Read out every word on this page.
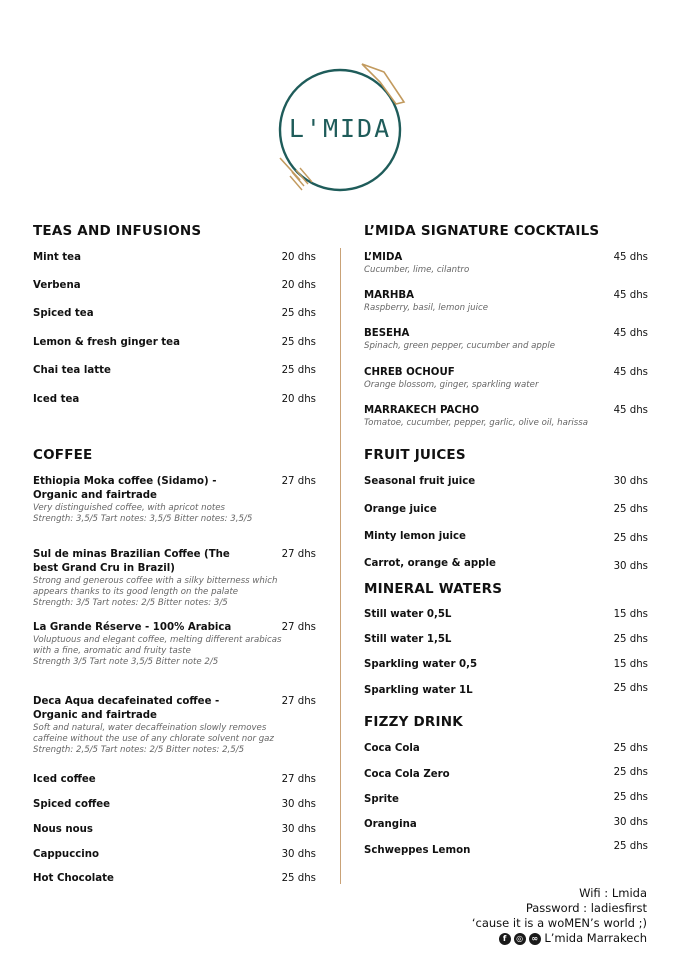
L'MIDA
TEAS AND INFUSIONS
Mint tea	20 dhs
Verbena	20 dhs
Spiced tea	25 dhs
Lemon & fresh ginger tea	25 dhs
Chai tea latte	25 dhs
Iced tea	20 dhs
COFFEE
Ethiopia Moka coffee (Sidamo) - Organic and fairtrade
27 dhs
Very distinguished coffee, with apricot notes
Strength: 3,5/5 Tart notes: 3,5/5 Bitter notes: 3,5/5
Sul de minas Brazilian Coffee (The best Grand Cru in Brazil)
27 dhs
Strong and generous coffee with a silky bitterness which appears thanks to its good length on the palate
Strength: 3/5 Tart notes: 2/5 Bitter notes: 3/5
La Grande Réserve - 100% Arabica	27 dhs
Voluptuous and elegant coffee, melting different arabicas with a fine, aromatic and fruity taste
Strength 3/5 Tart note 3,5/5 Bitter note 2/5
Deca Aqua decafeinated coffee - Organic and fairtrade
27 dhs
Soft and natural, water decaffeination slowly removes caffeine without the use of any chlorate solvent nor gaz
Strength: 2,5/5 Tart notes: 2/5 Bitter notes: 2,5/5
Iced coffee	27 dhs
Spiced coffee	30 dhs
Nous nous	30 dhs
Cappuccino	30 dhs
Hot Chocolate	25 dhs
L’MIDA SIGNATURE COCKTAILS
L’MIDA	45 dhs
Cucumber, lime, cilantro
MARHBA	45 dhs
Raspberry, basil, lemon juice
BESEHA	45 dhs
Spinach, green pepper, cucumber and apple
CHREB OCHOUF	45 dhs
Orange blossom, ginger, sparkling water
MARRAKECH PACHO	45 dhs
Tomatoe, cucumber, pepper, garlic, olive oil, harissa
FRUIT JUICES
Seasonal fruit juice	30 dhs
Orange juice	25 dhs
Minty lemon juice	25 dhs
Carrot, orange & apple	30 dhs
MINERAL WATERS
Still water 0,5L	15 dhs
Still water 1,5L	25 dhs
Sparkling water 0,5	15 dhs
Sparkling water 1L	25 dhs
FIZZY DRINK
Coca Cola	25 dhs
Coca Cola Zero	25 dhs
Sprite	25 dhs
Orangina	30 dhs
Schweppes Lemon	25 dhs
Wifi : Lmida
Password : ladiesfirst
‘cause it is a woMEN’s world ;)
f	◎	∞ L’mida Marrakech
